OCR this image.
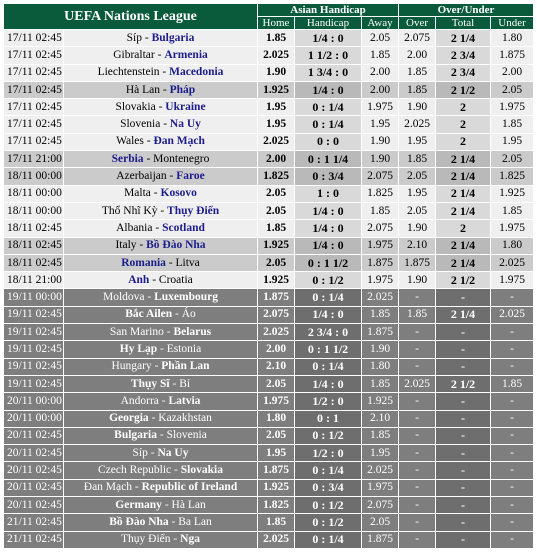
UEFA Nations League		Asian Handicap			Over/Under		
		Home	Handicap	Away	Over	Total	Under
17/11 02:45	Síp - Bulgaria	1.85	1/4 : 0	2.05	2.075	2 1/4	1.80
17/11 02:45	Gibraltar - Armenia	2.025	1 1/2 : 0	1.85	2.00	2 3/4	1.875
17/11 02:45	Liechtenstein - Macedonia	1.90	1 3/4 : 0	2.00	1.85	2 3/4	2.00
17/11 02:45	Hà Lan - Pháp	1.925	1/4 : 0	2.00	1.85	2 1/2	2.05
17/11 02:45	Slovakia - Ukraine	1.95	0 : 1/4	1.975	1.90	2	1.975
17/11 02:45	Slovenia - Na Uy	1.95	0 : 1/4	1.95	2.025	2	1.85
17/11 02:45	Wales - Đan Mạch	2.025	0 : 0	1.90	1.95	2	1.95
17/11 21:00	Serbia - Montenegro	2.00	0 : 1 1/4	1.90	1.85	2 1/4	2.05
18/11 00:00	Azerbaijan - Faroe	1.825	0 : 3/4	2.075	2.05	2 1/4	1.825
18/11 00:00	Malta - Kosovo	2.05	1 : 0	1.825	1.95	2 1/4	1.925
18/11 00:00	Thổ Nhĩ Kỳ - Thụy Điển	2.05	1/4 : 0	1.85	2.05	2 1/4	1.85
18/11 02:45	Albania - Scotland	1.85	1/4 : 0	2.075	1.90	2	1.975
18/11 02:45	Italy - Bồ Đào Nha	1.925	1/4 : 0	1.975	2.10	2 1/4	1.80
18/11 02:45	Romania - Litva	2.05	0 : 1 1/2	1.875	1.875	2 1/4	2.025
18/11 21:00	Anh - Croatia	1.925	0 : 1/2	1.975	1.90	2 1/2	1.975
19/11 00:00	Moldova - Luxembourg	1.875	0 : 1/4	2.025	-	-	-
19/11 02:45	Bắc Ailen - Áo	2.075	1/4 : 0	1.85	1.85	2 1/4	2.025
19/11 02:45	San Marino - Belarus	2.025	2 3/4 : 0	1.875	-	-	-
19/11 02:45	Hy Lạp - Estonia	2.00	0 : 1 1/2	1.90	-	-	-
19/11 02:45	Hungary - Phần Lan	2.10	0 : 1/4	1.80	-	-	-
19/11 02:45	Thụy Sĩ - Bỉ	2.05	1/4 : 0	1.85	2.025	2 1/2	1.85
20/11 00:00	Andorra - Latvia	1.975	1/2 : 0	1.925	-	-	-
20/11 00:00	Georgia - Kazakhstan	1.80	0 : 1	2.10	-	-	-
20/11 02:45	Bulgaria - Slovenia	2.05	0 : 1/2	1.85	-	-	-
20/11 02:45	Síp - Na Uy	1.95	1/2 : 0	1.95	-	-	-
20/11 02:45	Czech Republic - Slovakia	1.875	0 : 1/4	2.025	-	-	-
20/11 02:45	Đan Mạch - Republic of Ireland	1.925	0 : 3/4	1.975	-	-	-
20/11 02:45	Germany - Hà Lan	1.825	0 : 1/2	2.075	-	-	-
21/11 02:45	Bồ Đào Nha - Ba Lan	1.85	0 : 1/2	2.05	-	-	-
21/11 02:45	Thụy Điển - Nga	2.025	0 : 1/4	1.875	-	-	-
